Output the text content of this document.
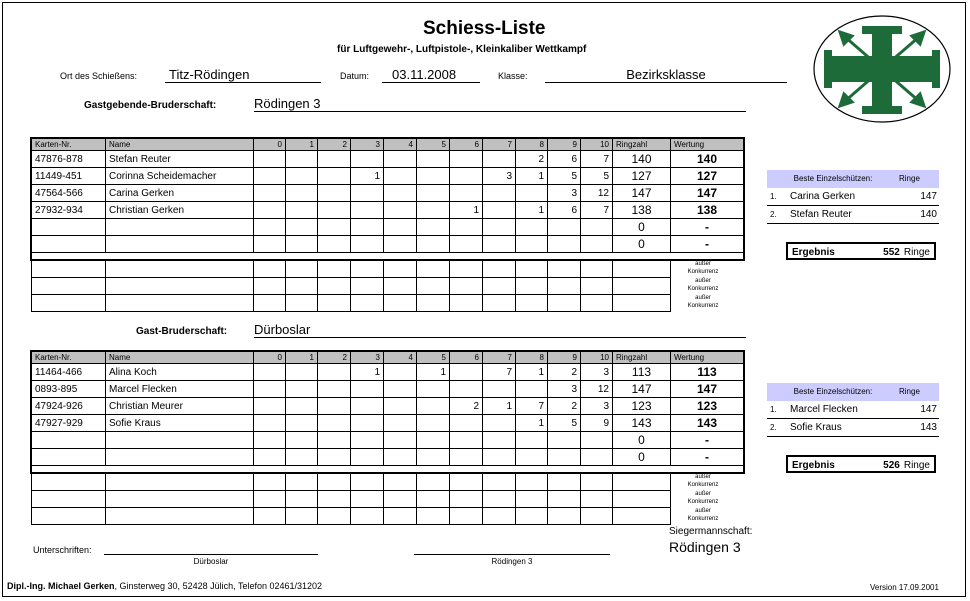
Schiess-Liste
für Luftgewehr-, Luftpistole-, Kleinkaliber Wettkampf
Ort des Schießens:	Titz-Rödingen	Datum:	03.11.2008	Klasse:	Bezirksklasse
Gastgebende-Bruderschaft:	Rödingen 3
Karten-Nr.	Name	0	1	2	3	4	5	6	7	8	9	10	Ringzahl	Wertung
47876-878	Stefan Reuter									2	6	7	140	140
11449-451	Corinna Scheidemacher				1				3	1	5	5	127	127
47564-566	Carina Gerken										3	12	147	147
27932-934	Christian Gerken							1		1	6	7	138	138
													0	-
													0	-

außer
Konkurrenz
außer
Konkurrenz
außer
Konkurrenz
Beste Einzelschützen:	Ringe
1.	Carina Gerken	147
2.	Stefan Reuter	140
Ergebnis	552 Ringe
Gast-Bruderschaft: Dürboslar
Karten-Nr.	Name	0	1	2	3	4	5	6	7	8	9	10	Ringzahl	Wertung
11464-466	Alina Koch				1		1		7	1	2	3	113	113
0893-895	Marcel Flecken										3	12	147	147
47924-926	Christian Meurer							2	1	7	2	3	123	123
47927-929	Sofie Kraus									1	5	9	143	143
													0	-
													0	-

außer
Konkurrenz
außer
Konkurrenz
außer
Konkurrenz
Beste Einzelschützen:	Ringe
1.	Marcel Flecken	147
2.	Sofie Kraus	143
Ergebnis	526 Ringe
Siegermannschaft:
Rödingen 3
Unterschriften:
Dürboslar	Rödingen 3
Dipl.-Ing. Michael Gerken, Ginsterweg 30, 52428 Jülich, Telefon 02461/31202	Version 17.09.2001
